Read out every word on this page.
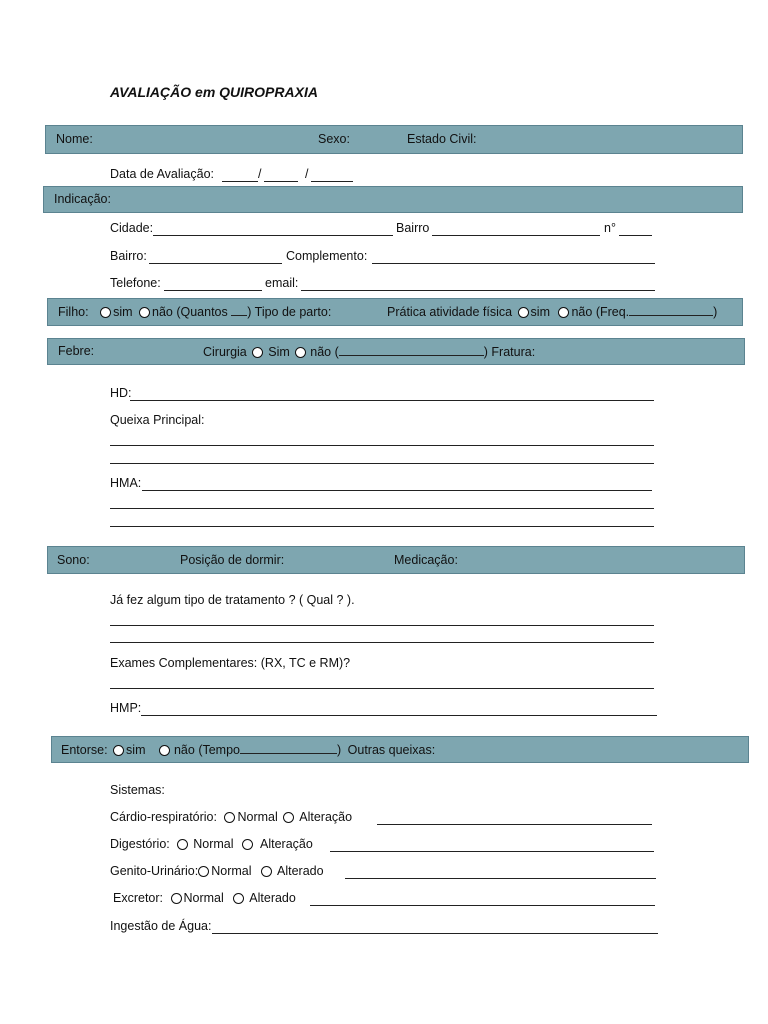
AVALIAÇÃO em QUIROPRAXIA
Nome:	Sexo:	Estado Civil:
Data de Avaliação:	/	/
Indicação:
Cidade:	Bairro	n°
Bairro:	Complemento:
Telefone:	email:
Filho: sim não (Quantos ) Tipo de parto:	Prática atividade física sim não (Freq.	)
Febre:	Cirurgia Sim não (	) Fratura:
HD:
Queixa Principal:
HMA:
Sono:	Posição de dormir:	Medicação:
Já fez algum tipo de tratamento ? ( Qual ? ).
Exames Complementares: (RX, TC e RM)?
HMP:
Entorse: sim não (Tempo	) Outras queixas:
Sistemas:
Cárdio-respiratório: Normal Alteração
Digestório: Normal Alteração
Genito-Urinário: Normal Alterado
Excretor: Normal Alterado
Ingestão de Água:
